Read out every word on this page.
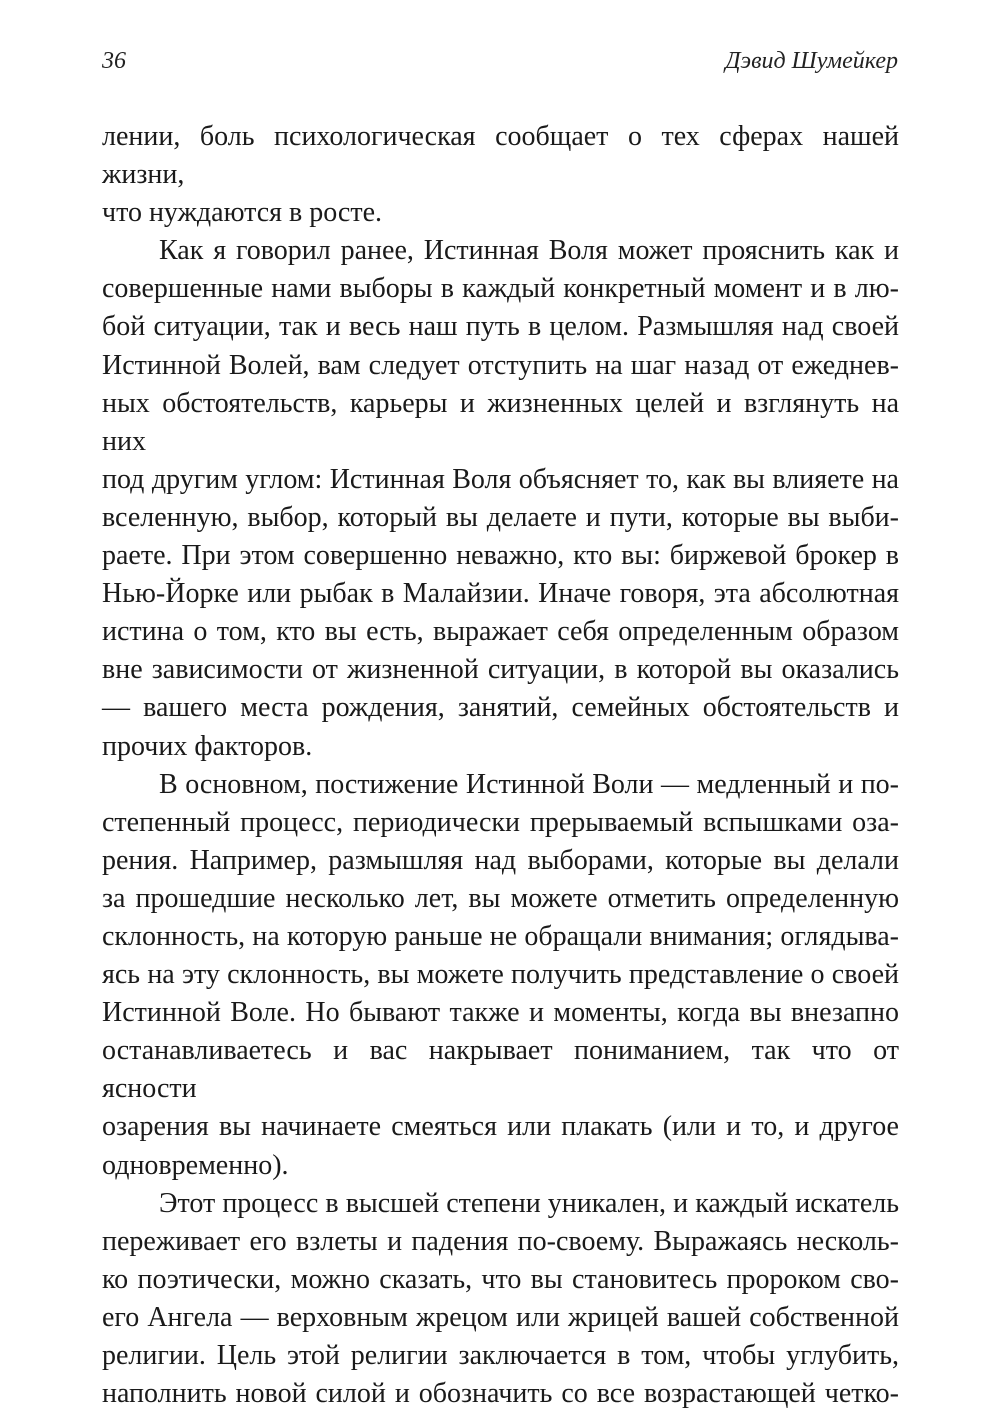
36	Дэвид Шумейкер

лении, боль психологическая сообщает о тех сферах нашей жизни,

что нуждаются в росте.

Как я говорил ранее, Истинная Воля может прояснить как и

совершенные нами выборы в каждый конкретный момент и в лю-

бой ситуации, так и весь наш путь в целом. Размышляя над своей

Истинной Волей, вам следует отступить на шаг назад от ежеднев-

ных обстоятельств, карьеры и жизненных целей и взглянуть на них

под другим углом: Истинная Воля объясняет то, как вы влияете на

вселенную, выбор, который вы делаете и пути, которые вы выби-

раете. При этом совершенно неважно, кто вы: биржевой брокер в

Нью-Йорке или рыбак в Малайзии. Иначе говоря, эта абсолютная

истина о том, кто вы есть, выражает себя определенным образом

вне зависимости от жизненной ситуации, в которой вы оказались

— вашего места рождения, занятий, семейных обстоятельств и

прочих факторов.

В основном, постижение Истинной Воли — медленный и по-

степенный процесс, периодически прерываемый вспышками оза-

рения. Например, размышляя над выборами, которые вы делали

за прошедшие несколько лет, вы можете отметить определенную

склонность, на которую раньше не обращали внимания; оглядыва-

ясь на эту склонность, вы можете получить представление о своей

Истинной Воле. Но бывают также и моменты, когда вы внезапно

останавливаетесь и вас накрывает пониманием, так что от ясности

озарения вы начинаете смеяться или плакать (или и то, и другое

одновременно).

Этот процесс в высшей степени уникален, и каждый искатель

переживает его взлеты и падения по-своему. Выражаясь несколь-

ко поэтически, можно сказать, что вы становитесь пророком сво-

его Ангела — верховным жрецом или жрицей вашей собственной

религии. Цель этой религии заключается в том, чтобы углубить,

наполнить новой силой и обозначить со все возрастающей четко-
